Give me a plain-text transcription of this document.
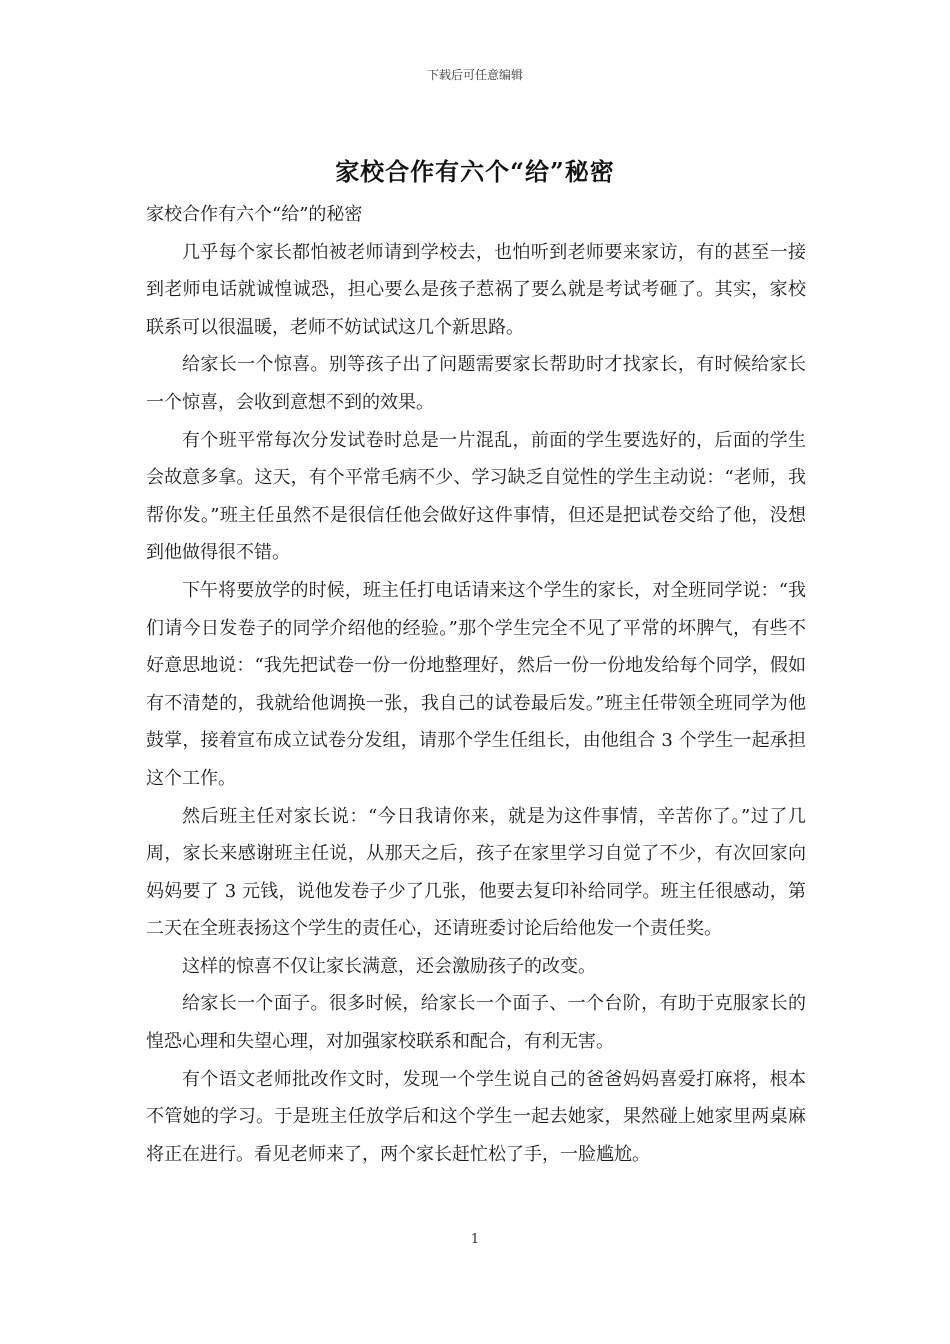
下载后可任意编辑
家校合作有六个“给”秘密

家校合作有六个“给”的秘密

几乎每个家长都怕被老师请到学校去，也怕听到老师要来家访，有的甚至一接到老师电话就诚惶诚恐，担心要么是孩子惹祸了要么就是考试考砸了。其实，家校联系可以很温暖，老师不妨试试这几个新思路。

给家长一个惊喜。别等孩子出了问题需要家长帮助时才找家长，有时候给家长一个惊喜，会收到意想不到的效果。

有个班平常每次分发试卷时总是一片混乱，前面的学生要选好的，后面的学生会故意多拿。这天，有个平常毛病不少、学习缺乏自觉性的学生主动说：“老师，我帮你发。”班主任虽然不是很信任他会做好这件事情，但还是把试卷交给了他，没想到他做得很不错。

下午将要放学的时候，班主任打电话请来这个学生的家长，对全班同学说：“我们请今日发卷子的同学介绍他的经验。”那个学生完全不见了平常的坏脾气，有些不好意思地说：“我先把试卷一份一份地整理好，然后一份一份地发给每个同学，假如有不清楚的，我就给他调换一张，我自己的试卷最后发。”班主任带领全班同学为他鼓掌，接着宣布成立试卷分发组，请那个学生任组长，由他组合 3 个学生一起承担这个工作。

然后班主任对家长说：“今日我请你来，就是为这件事情，辛苦你了。”过了几周，家长来感谢班主任说，从那天之后，孩子在家里学习自觉了不少，有次回家向妈妈要了 3 元钱，说他发卷子少了几张，他要去复印补给同学。班主任很感动，第二天在全班表扬这个学生的责任心，还请班委讨论后给他发一个责任奖。

这样的惊喜不仅让家长满意，还会激励孩子的改变。

给家长一个面子。很多时候，给家长一个面子、一个台阶，有助于克服家长的惶恐心理和失望心理，对加强家校联系和配合，有利无害。

有个语文老师批改作文时，发现一个学生说自己的爸爸妈妈喜爱打麻将，根本不管她的学习。于是班主任放学后和这个学生一起去她家，果然碰上她家里两桌麻将正在进行。看见老师来了，两个家长赶忙松了手，一脸尴尬。

1
